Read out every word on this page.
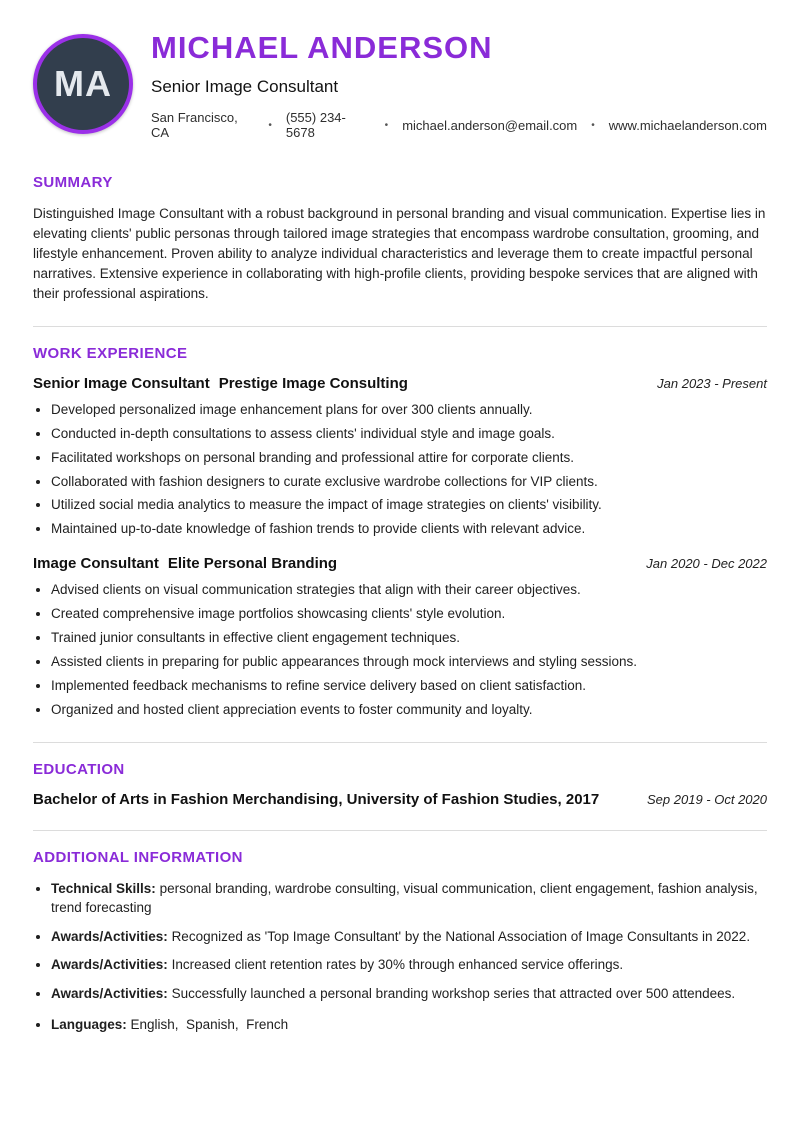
MA
MICHAEL ANDERSON
Senior Image Consultant
San Francisco, CA	• (555) 234-5678	• michael.anderson@email.com • www.michaelanderson.com
SUMMARY

Distinguished Image Consultant with a robust background in personal branding and visual communication. Expertise lies in elevating clients' public personas through tailored image strategies that encompass wardrobe consultation, grooming, and lifestyle enhancement. Proven ability to analyze individual characteristics and leverage them to create impactful personal narratives. Extensive experience in collaborating with high-profile clients, providing bespoke services that are aligned with their professional aspirations.

WORK EXPERIENCE
Senior Image Consultant Prestige Image Consulting	Jan 2023 - Present
• Developed personalized image enhancement plans for over 300 clients annually.
• Conducted in-depth consultations to assess clients' individual style and image goals.
• Facilitated workshops on personal branding and professional attire for corporate clients.
• Collaborated with fashion designers to curate exclusive wardrobe collections for VIP clients.
• Utilized social media analytics to measure the impact of image strategies on clients' visibility.
• Maintained up-to-date knowledge of fashion trends to provide clients with relevant advice.
Image Consultant Elite Personal Branding	Jan 2020 - Dec 2022
• Advised clients on visual communication strategies that align with their career objectives.
• Created comprehensive image portfolios showcasing clients' style evolution.
• Trained junior consultants in effective client engagement techniques.
• Assisted clients in preparing for public appearances through mock interviews and styling sessions.
• Implemented feedback mechanisms to refine service delivery based on client satisfaction.
• Organized and hosted client appreciation events to foster community and loyalty.
EDUCATION
Bachelor of Arts in Fashion Merchandising, University of Fashion Studies, 2017	Sep 2019 - Oct 2020
ADDITIONAL INFORMATION
• Technical Skills: personal branding, wardrobe consulting, visual communication, client engagement, fashion analysis, trend forecasting
• Awards/Activities: Recognized as 'Top Image Consultant' by the National Association of Image Consultants in 2022.
• Awards/Activities: Increased client retention rates by 30% through enhanced service offerings.
• Awards/Activities: Successfully launched a personal branding workshop series that attracted over 500 attendees.
• Languages: English,  Spanish,  French
